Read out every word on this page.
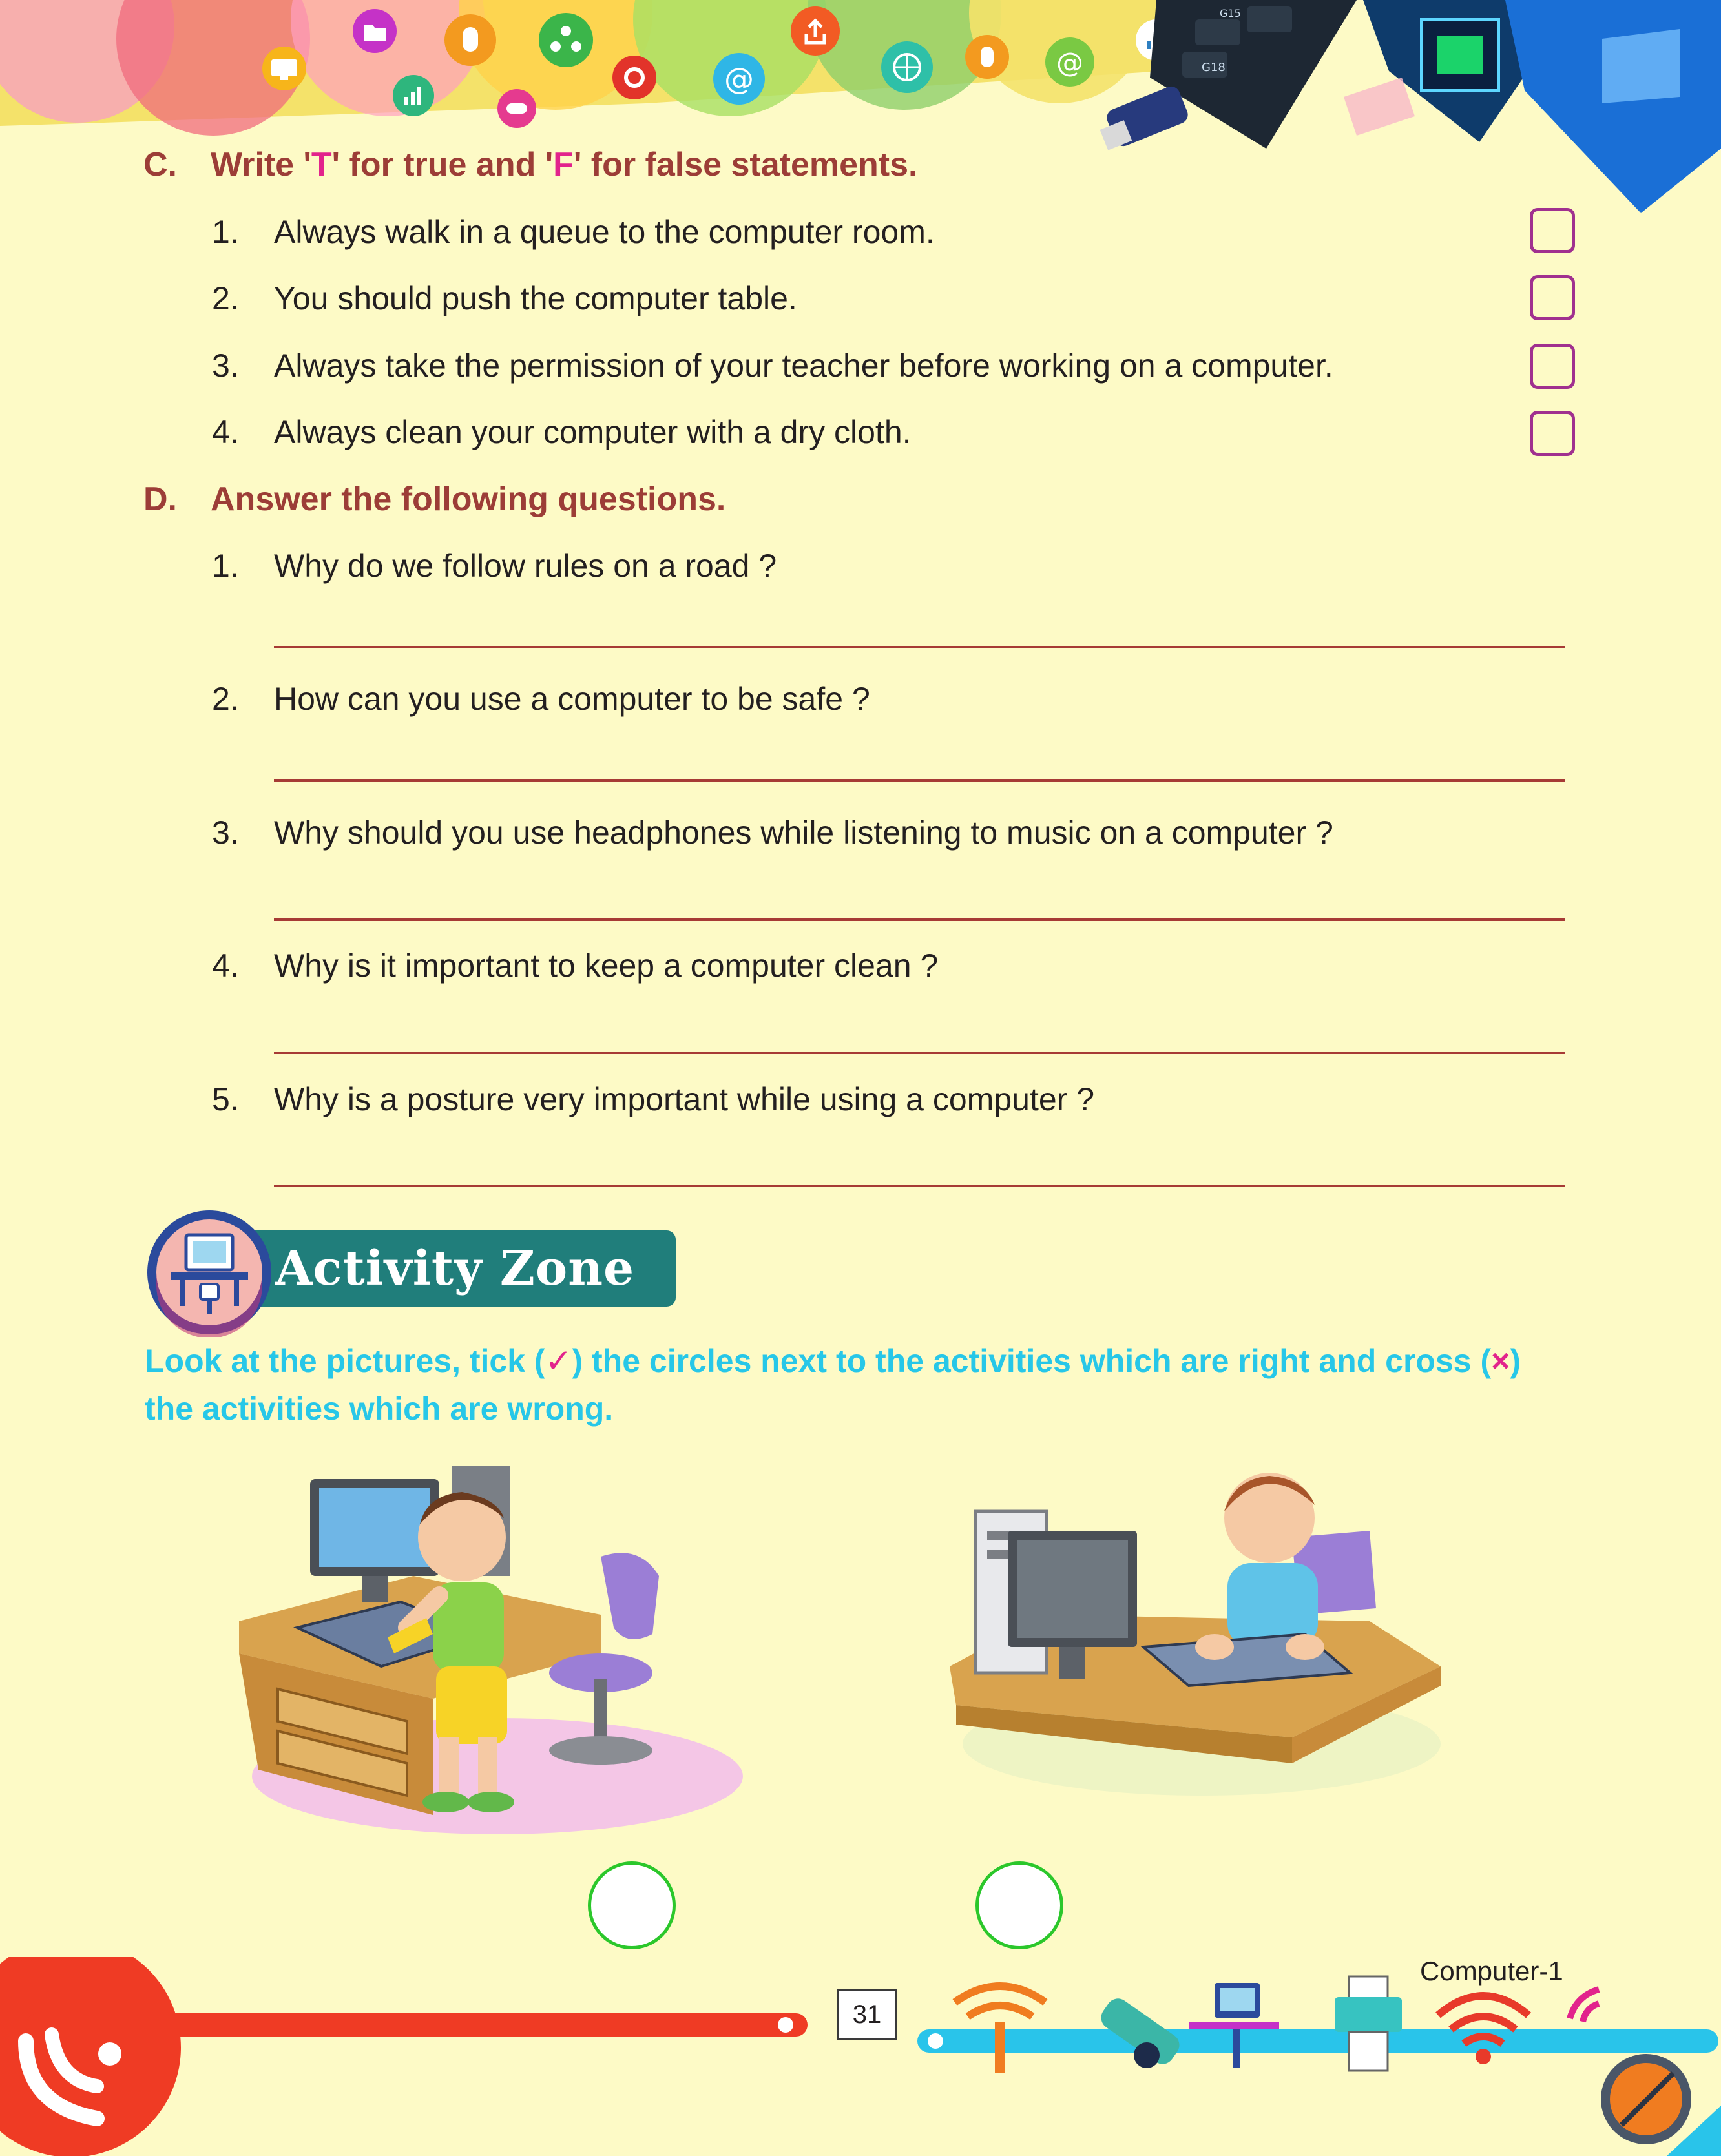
@	@	G18
G15
C. Write 'T' for true and 'F' for false statements.
1. Always walk in a queue to the computer room.
2. You should push the computer table.
3. Always take the permission of your teacher before working on a computer.
4. Always clean your computer with a dry cloth.
D. Answer the following questions.
1. Why do we follow rules on a road ?
2. How can you use a computer to be safe ?
3. Why should you use headphones while listening to music on a computer ?
4. Why is it important to keep a computer clean ?
5. Why is a posture very important while using a computer ?
Activity Zone
Look at the pictures, tick (✓) the circles next to the activities which are right and cross (×)
the activities which are wrong.
31
Computer-1
